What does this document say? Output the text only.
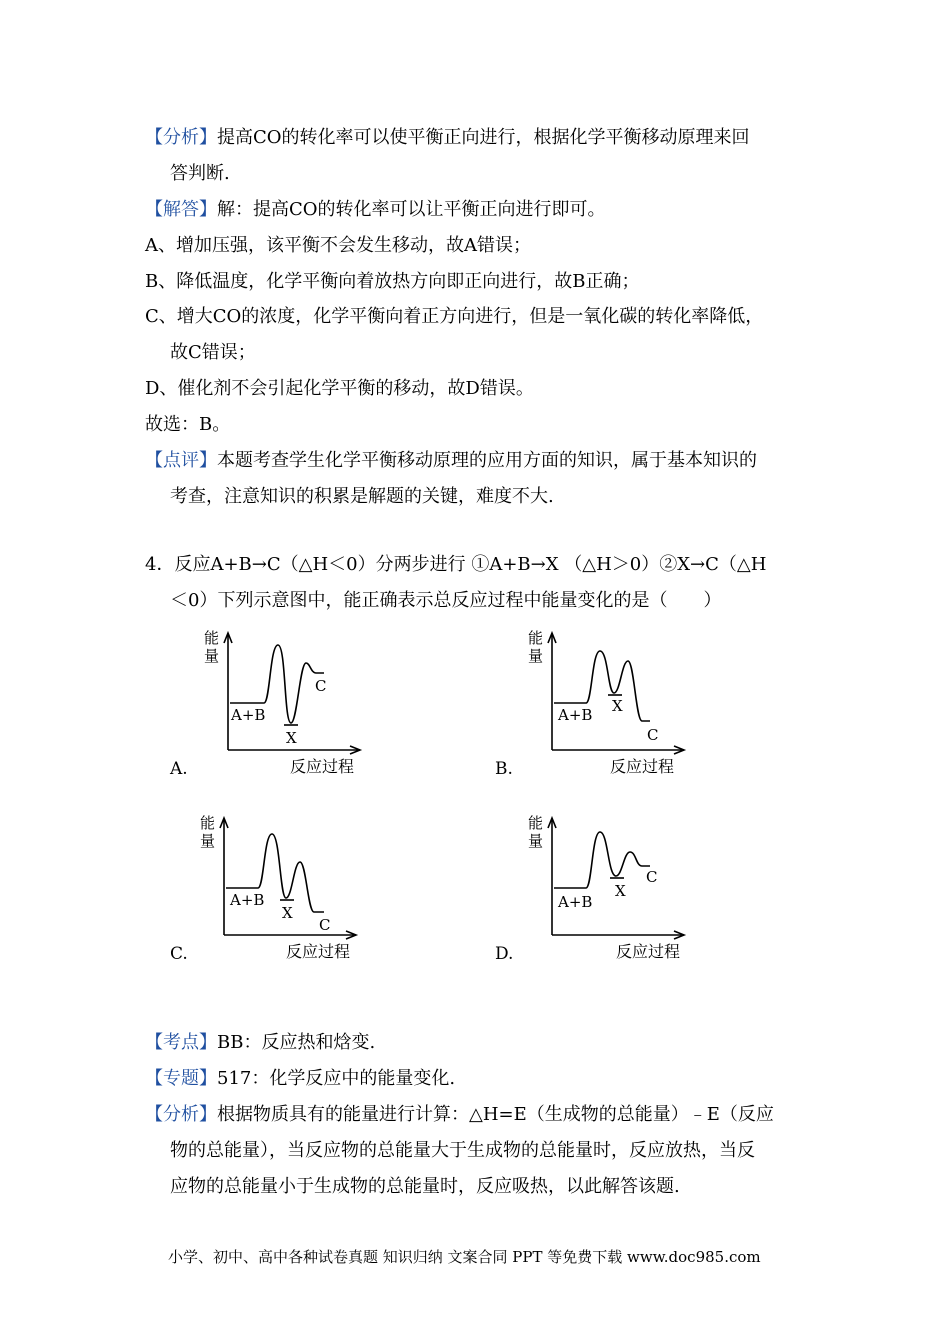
【分析】提高CO的转化率可以使平衡正向进行，根据化学平衡移动原理来回
答判断.
【解答】解：提高CO的转化率可以让平衡正向进行即可。
A、增加压强，该平衡不会发生移动，故A错误；
B、降低温度，化学平衡向着放热方向即正向进行，故B正确；
C、增大CO的浓度，化学平衡向着正方向进行，但是一氧化碳的转化率降低，
故C错误；
D、催化剂不会引起化学平衡的移动，故D错误。
故选：B。
【点评】本题考查学生化学平衡移动原理的应用方面的知识，属于基本知识的
考查，注意知识的积累是解题的关键，难度不大.
4．反应A+B→C（△H＜0）分两步进行 ①A+B→X （△H＞0）②X→C（△H
＜0）下列示意图中，能正确表示总反应过程中能量变化的是（　　）
能
量
A+B
X
C
反应过程
A.
能
量
A+B X
C
反应过程
B.
能
量
A+B
X
C
反应过程
C.
能
量
A+B
X
C
反应过程
D.
【考点】BB：反应热和焓变.
【专题】517：化学反应中的能量变化.
【分析】根据物质具有的能量进行计算：△H=E（生成物的总能量）﹣E（反应
物的总能量），当反应物的总能量大于生成物的总能量时，反应放热，当反
应物的总能量小于生成物的总能量时，反应吸热，以此解答该题.
小学、初中、高中各种试卷真题 知识归纳 文案合同 PPT 等免费下载 www.doc985.com
